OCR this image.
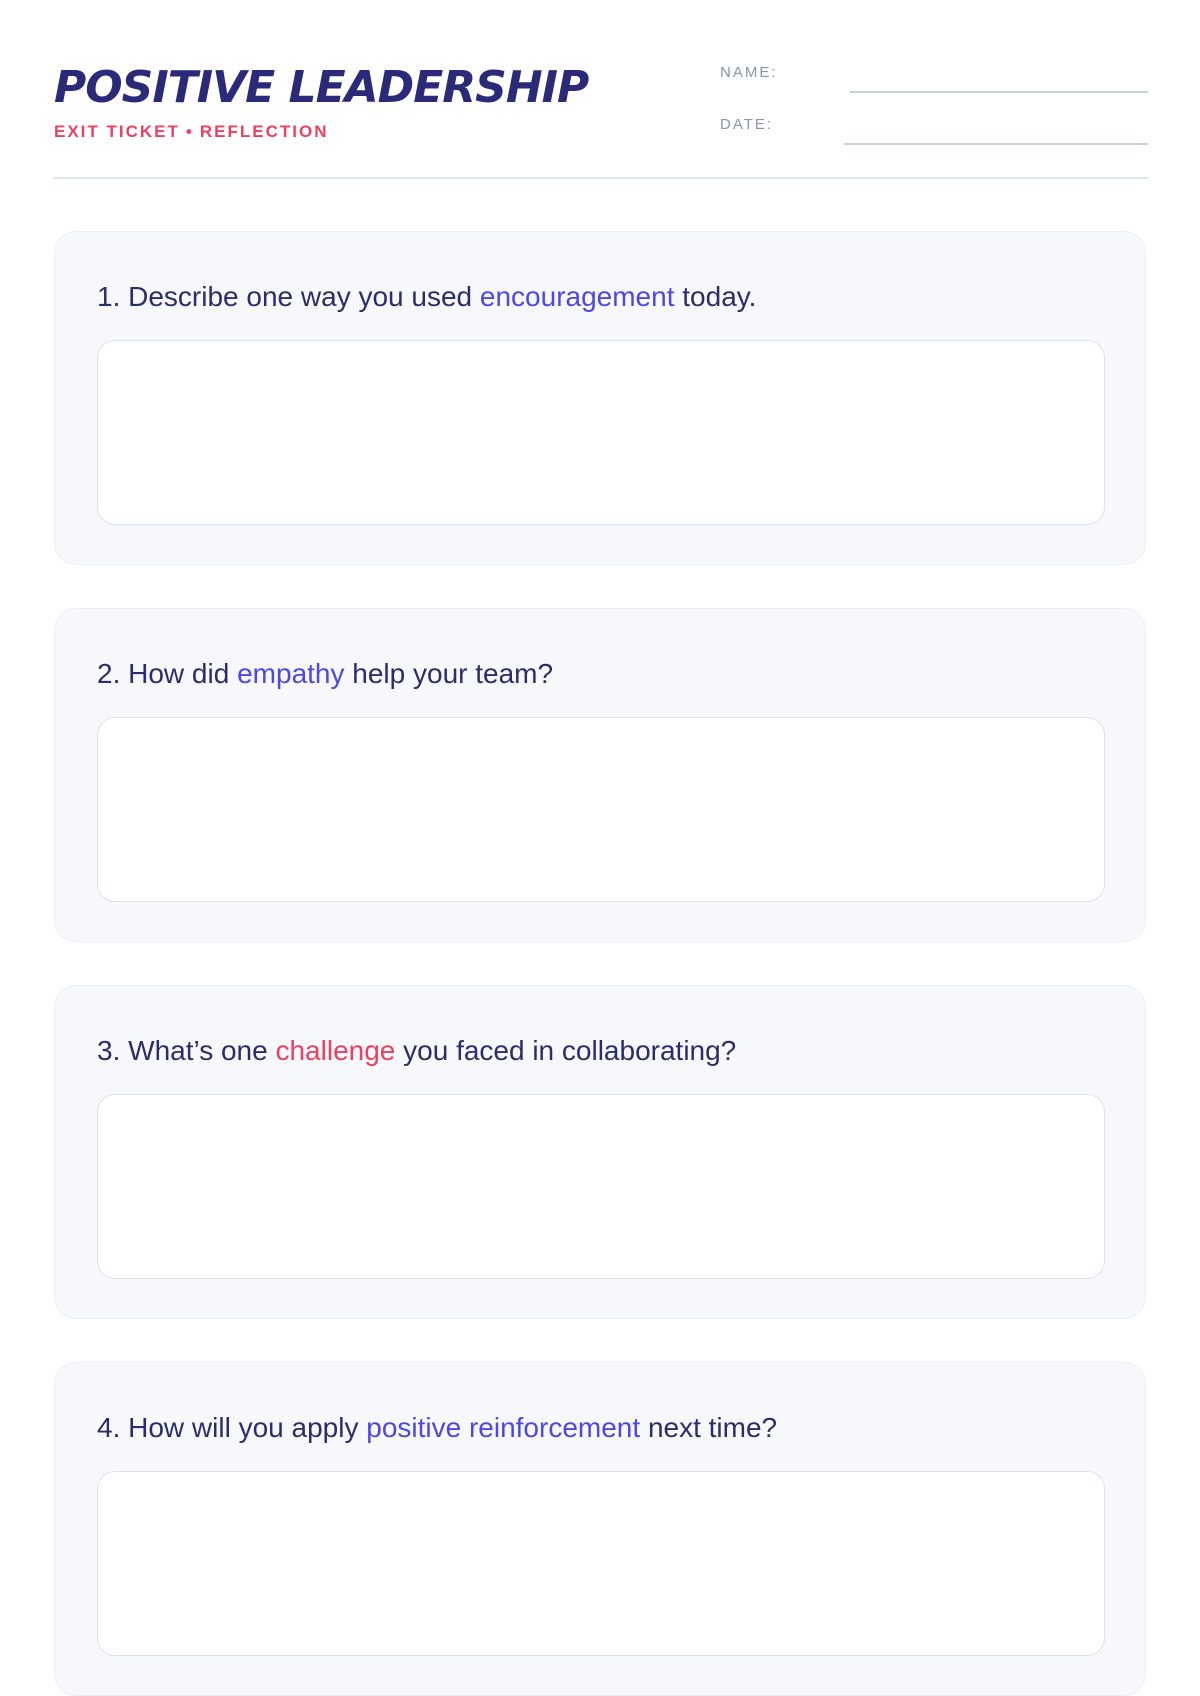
POSITIVE LEADERSHIP
EXIT TICKET • REFLECTION
NAME:
DATE:

1. Describe one way you used encouragement today.

2. How did empathy help your team?

3. What’s one challenge you faced in collaborating?

4. How will you apply positive reinforcement next time?
